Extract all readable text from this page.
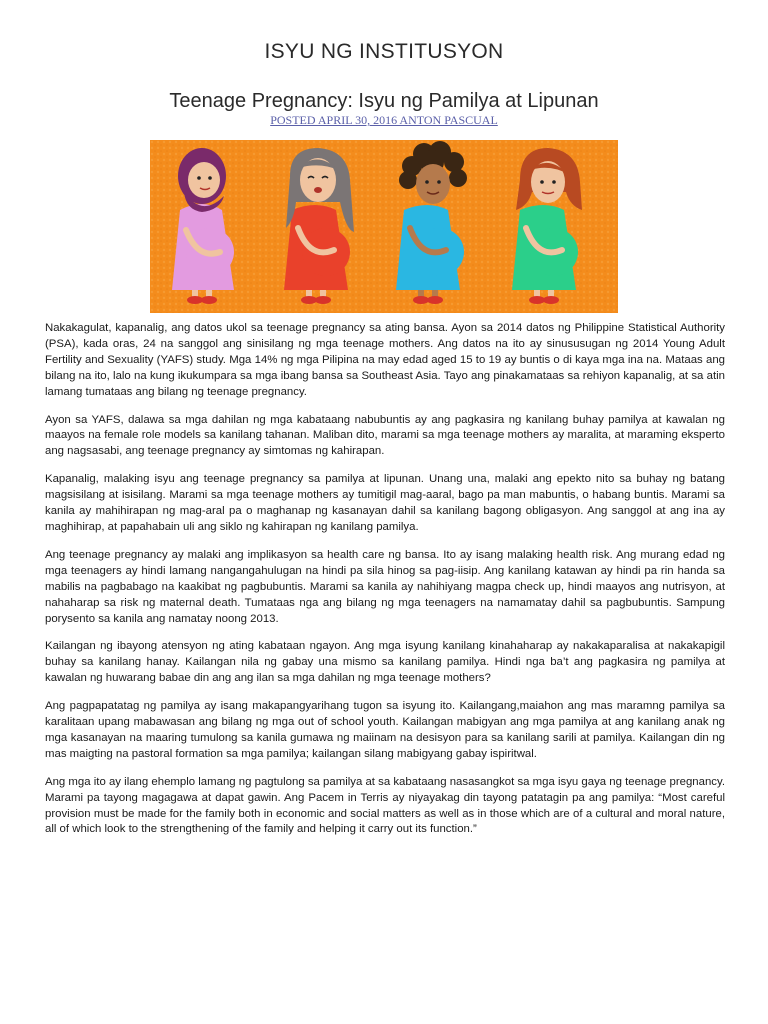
ISYU NG INSTITUSYON
Teenage Pregnancy: Isyu ng Pamilya at Lipunan
POSTED APRIL 30, 2016 ANTON PASCUAL

Nakakagulat, kapanalig, ang datos ukol sa teenage pregnancy sa ating bansa. Ayon sa 2014 datos ng Philippine Statistical Authority (PSA), kada oras, 24 na sanggol ang sinisilang ng mga teenage mothers. Ang datos na ito ay sinususugan ng 2014 Young Adult Fertility and Sexuality (YAFS) study. Mga 14% ng mga Pilipina na may edad aged 15 to 19 ay buntis o di kaya mga ina na. Mataas ang bilang na ito, lalo na kung ikukumpara sa mga ibang bansa sa Southeast Asia. Tayo ang pinakamataas sa rehiyon kapanalig, at sa atin lamang tumataas ang bilang ng teenage pregnancy.

Ayon sa YAFS, dalawa sa mga dahilan ng mga kabataang nabubuntis ay ang pagkasira ng kanilang buhay pamilya at kawalan ng maayos na female role models sa kanilang tahanan. Maliban dito, marami sa mga teenage mothers ay maralita, at maraming eksperto ang nagsasabi, ang teenage pregnancy ay simtomas ng kahirapan.

Kapanalig, malaking isyu ang teenage pregnancy sa pamilya at lipunan. Unang una, malaki ang epekto nito sa buhay ng batang magsisilang at isisilang. Marami sa mga teenage mothers ay tumitigil mag-aaral, bago pa man mabuntis, o habang buntis. Marami sa kanila ay mahihirapan ng mag-aral pa o maghanap ng kasanayan dahil sa kanilang bagong obligasyon. Ang sanggol at ang ina ay maghihirap, at papahabain uli ang siklo ng kahirapan ng kanilang pamilya.

Ang teenage pregnancy ay malaki ang implikasyon sa health care ng bansa. Ito ay isang malaking health risk. Ang murang edad ng mga teenagers ay hindi lamang nangangahulugan na hindi pa sila hinog sa pag-iisip. Ang kanilang katawan ay hindi pa rin handa sa mabilis na pagbabago na kaakibat ng pagbubuntis. Marami sa kanila ay nahihiyang magpa check up, hindi maayos ang nutrisyon, at nahaharap sa risk ng maternal death. Tumataas nga ang bilang ng mga teenagers na namamatay dahil sa pagbubuntis. Sampung porysento sa kanila ang namatay noong 2013.

Kailangan ng ibayong atensyon ng ating kabataan ngayon. Ang mga isyung kanilang kinahaharap ay nakakaparalisa at nakakapigil buhay sa kanilang hanay. Kailangan nila ng gabay una mismo sa kanilang pamilya. Hindi nga ba’t ang pagkasira ng pamilya at kawalan ng huwarang babae din ang ang ilan sa mga dahilan ng mga teenage mothers?

Ang pagpapatatag ng pamilya ay isang makapangyarihang tugon sa isyung ito. Kailangang,maiahon ang mas maramng pamilya sa karalitaan upang mabawasan ang bilang ng mga out of school youth. Kailangan mabigyan ang mga pamilya at ang kanilang anak ng mga kasanayan na maaring tumulong sa kanila gumawa ng maiinam na desisyon para sa kanilang sarili at pamilya. Kailangan din ng mas maigting na pastoral formation sa mga pamilya; kailangan silang mabigyang gabay ispiritwal.

Ang mga ito ay ilang ehemplo lamang ng pagtulong sa pamilya at sa kabataang nasasangkot sa mga isyu gaya ng teenage pregnancy. Marami pa tayong magagawa at dapat gawin. Ang Pacem in Terris ay niyayakag din tayong patatagin pa ang pamilya: “Most careful provision must be made for the family both in economic and social matters as well as in those which are of a cultural and moral nature, all of which look to the strengthening of the family and helping it carry out its function.”
